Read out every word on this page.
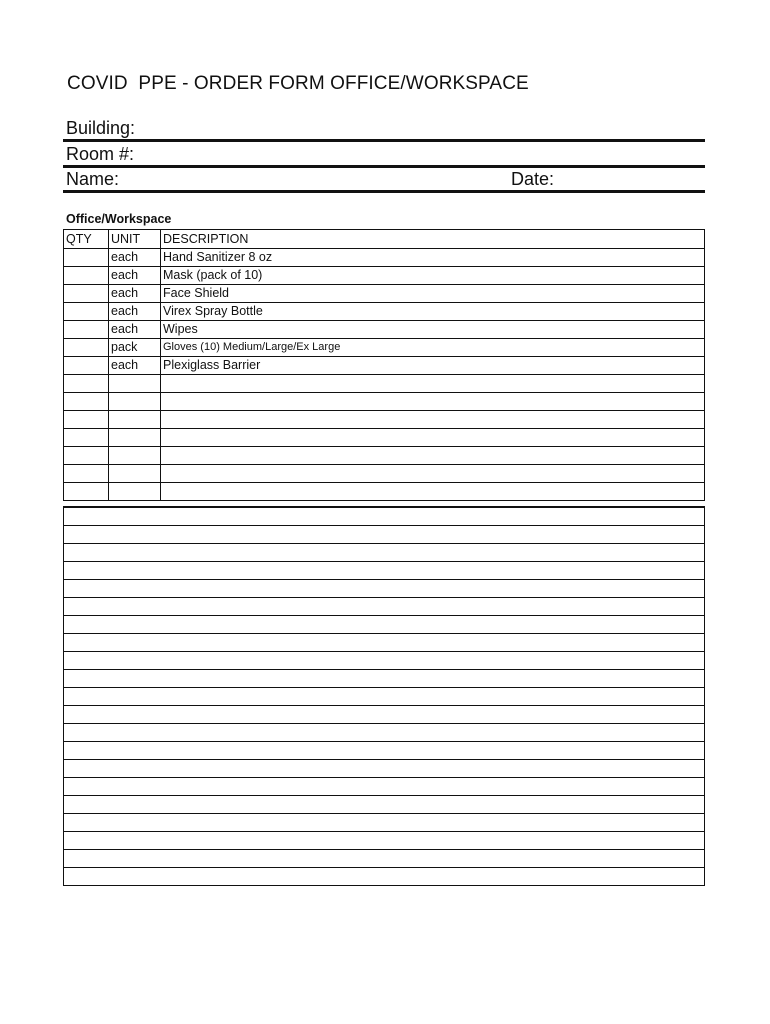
COVID  PPE - ORDER FORM OFFICE/WORKSPACE
Building:
Room #:
Name:	Date:
Office/Workspace
QTY	UNIT	DESCRIPTION
	each	Hand Sanitizer 8 oz
	each	Mask (pack of 10)
	each	Face Shield
	each	Virex Spray Bottle
	each	Wipes
	pack	Gloves (10) Medium/Large/Ex Large
	each	Plexiglass Barrier
